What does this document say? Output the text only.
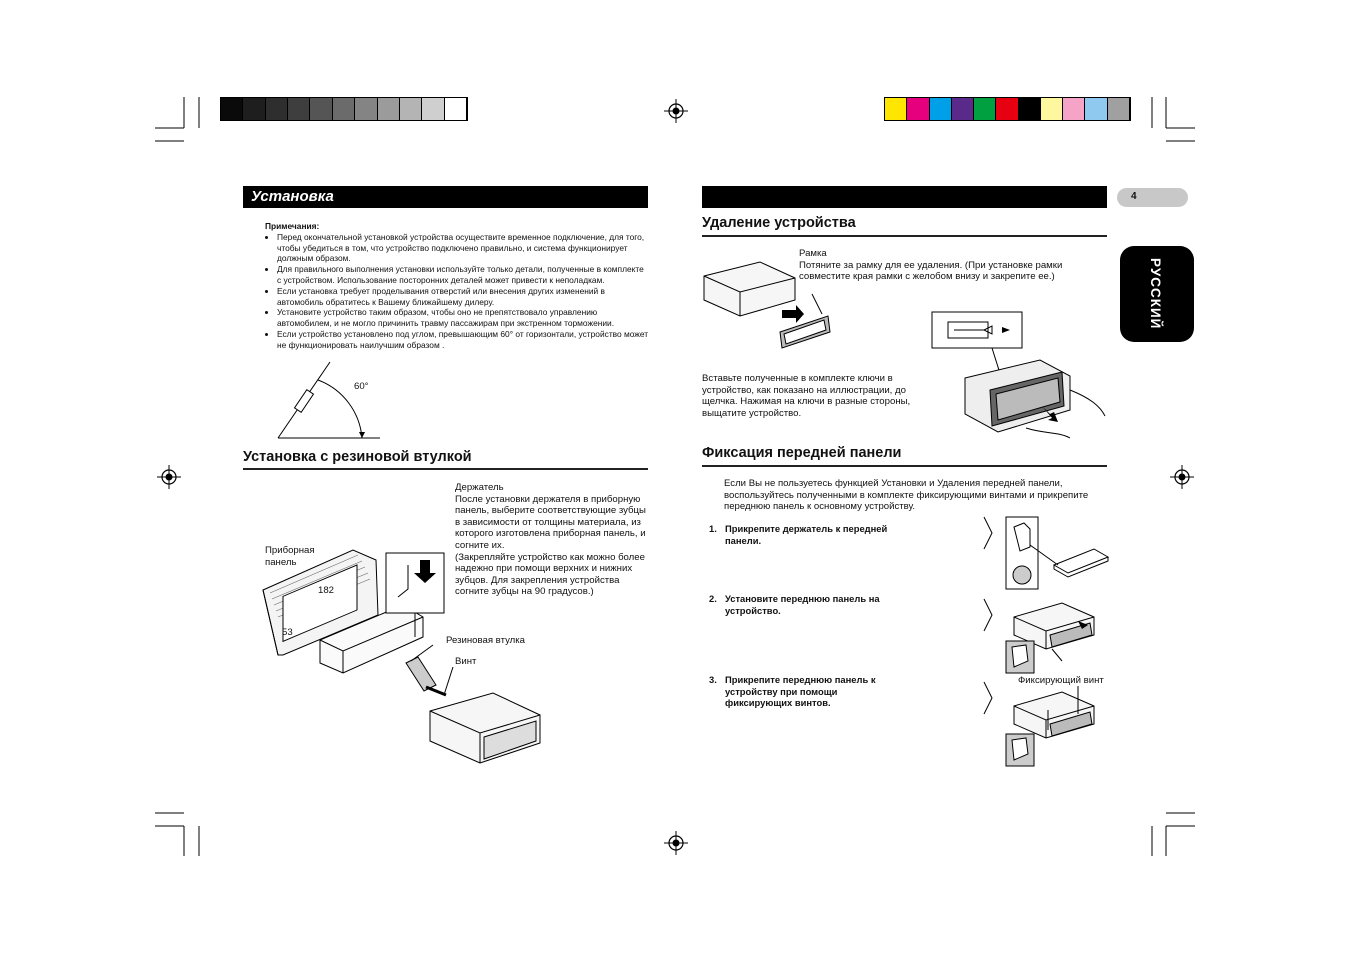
Установка
Примечания:
• Перед окончательной установкой устройства осуществите временное подключение, для того, чтобы убедиться в том, что устройство подключено правильно, и система функционирует должным образом.
• Для правильного выполнения установки используйте только детали, полученные в комплекте с устройством. Использование посторонних деталей может привести к неполадкам.
• Если установка требует проделывания отверстий или внесения других изменений в автомобиль обратитесь к Вашему ближайшему дилеру.
• Установите устройство таким образом, чтобы оно не препятствовало управлению автомобилем, и не могло причинить травму пассажирам при экстренном торможении.
• Если устройство установлено под углом, превышающим 60° от горизонтали, устройство может не функционировать наилучшим образом .
60°
Установка с резиновой втулкой
Держатель
После установки держателя в приборную панель, выберите соответствующие зубцы в зависимости от толщины материала, из которого изготовлена приборная панель, и согните их.
(Закрепляйте устройство как можно более надежно при помощи верхних и нижних зубцов. Для закрепления устройства согните зубцы на 90 градусов.)
Приборная
панель
182
53
Резиновая втулка
Винт
4
РУССКИЙ
Удаление устройства
Рамка
Потяните за рамку для ее удаления. (При установке рамки совместите края рамки с желобом внизу и закрепите ее.)
Вставьте полученные в комплекте ключи в устройство, как показано на иллюстрации, до щелчка. Нажимая на ключи в разные стороны, выщатите устройство.
Фиксация передней панели
Если Вы не пользуетесь функцией Установки и Удаления передней панели, воспользуйтесь полученными в комплекте фиксирующими винтами и прикрепите переднюю панель к основному устройству.
1. Прикрепите держатель к передней панели.
2. Установите переднюю панель на устройство.
3. Прикрепите переднюю панель к устройству при помощи фиксирующих винтов.
Фиксирующий винт
